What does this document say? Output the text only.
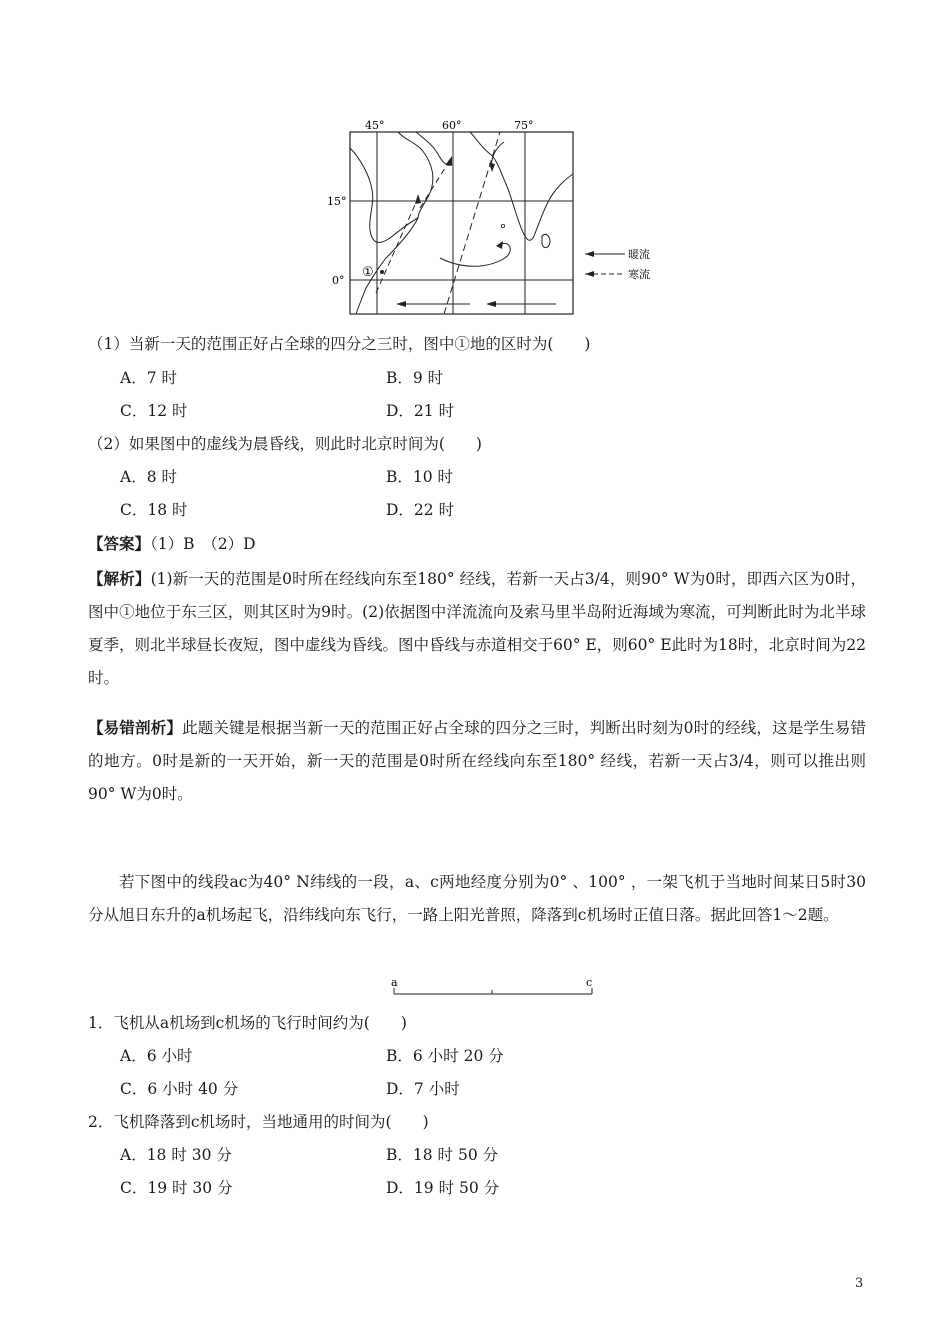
45°	60°	75°
15°
0°
①
暖流
寒流
（1）当新一天的范围正好占全球的四分之三时，图中①地的区时为(　　)
A．7 时	B．9 时
C．12 时	D．21 时
（2）如果图中的虚线为晨昏线，则此时北京时间为(　　)
A．8 时	B．10 时
C．18 时	D．22 时
【答案】（1）B　（2）D
【解析】(1)新一天的范围是0时所在经线向东至180° 经线，若新一天占3/4，则90° W为0时，即西六区为0时，图中①地位于东三区，则其区时为9时。(2)依据图中洋流流向及索马里半岛附近海域为寒流，可判断此时为北半球夏季，则北半球昼长夜短，图中虚线为昏线。图中昏线与赤道相交于60° E，则60° E此时为18时，北京时间为22时。
【易错剖析】此题关键是根据当新一天的范围正好占全球的四分之三时，判断出时刻为0时的经线，这是学生易错的地方。0时是新的一天开始，新一天的范围是0时所在经线向东至180° 经线，若新一天占3/4，则可以推出则90° W为0时。
若下图中的线段ac为40° N纬线的一段，a、c两地经度分别为0° 、100° ，一架飞机于当地时间某日5时30分从旭日东升的a机场起飞，沿纬线向东飞行，一路上阳光普照，降落到c机场时正值日落。据此回答1～2题。
a	c
1．飞机从a机场到c机场的飞行时间约为(　　)
A．6 小时	B．6 小时 20 分
C．6 小时 40 分	D．7 小时
2．飞机降落到c机场时，当地通用的时间为(　　)
A．18 时 30 分	B．18 时 50 分
C．19 时 30 分	D．19 时 50 分
3
